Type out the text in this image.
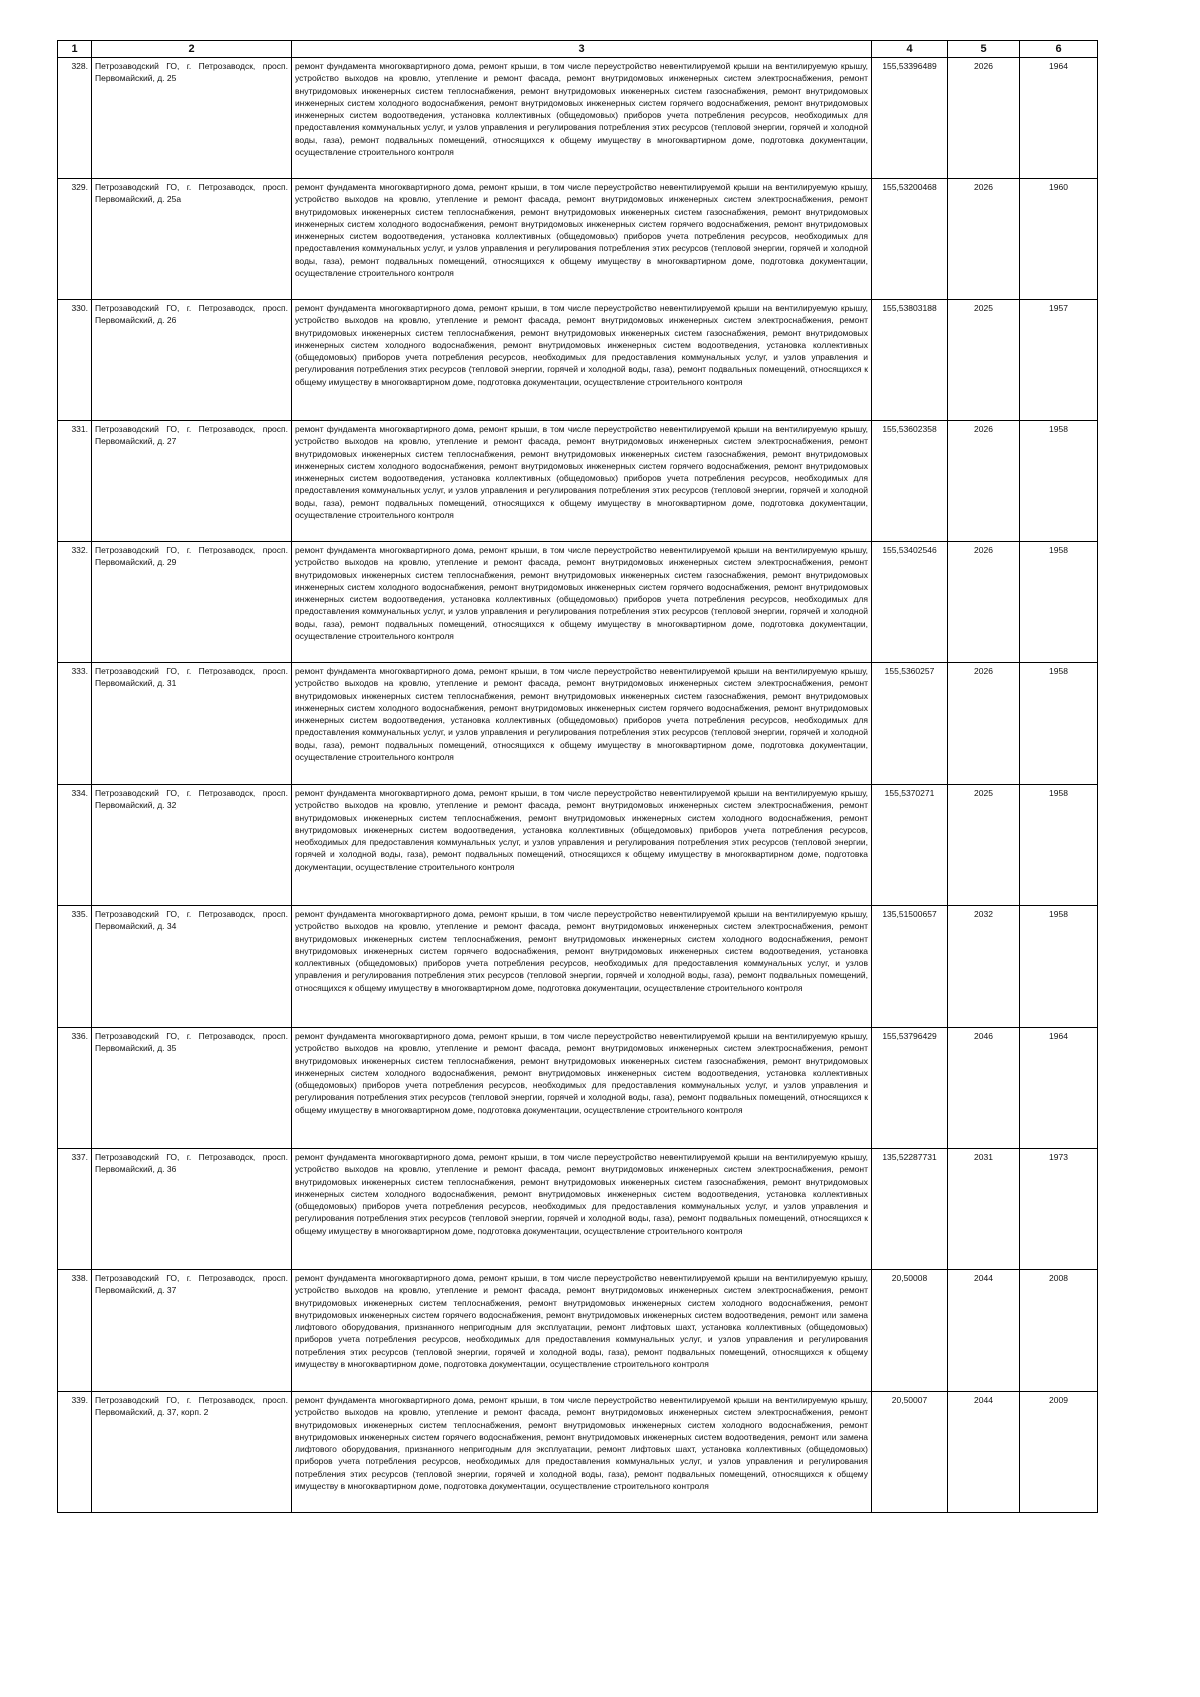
1	2	3	4	5	6
328.	Петрозаводский ГО, г. Петрозаводск, просп. Первомайский, д. 25	ремонт фундамента многоквартирного дома, ремонт крыши, в том числе переустройство невентилируемой крыши на вентилируемую крышу, устройство выходов на кровлю, утепление и ремонт фасада, ремонт внутридомовых инженерных систем электроснабжения, ремонт внутридомовых инженерных систем теплоснабжения, ремонт внутридомовых инженерных систем газоснабжения, ремонт внутридомовых инженерных систем холодного водоснабжения, ремонт внутридомовых инженерных систем горячего водоснабжения, ремонт внутридомовых инженерных систем водоотведения, установка коллективных (общедомовых) приборов учета потребления ресурсов, необходимых для предоставления коммунальных услуг, и узлов управления и регулирования потребления этих ресурсов (тепловой энергии, горячей и холодной воды, газа), ремонт подвальных помещений, относящихся к общему имуществу в многоквартирном доме, подготовка документации, осуществление строительного контроля	155,53396489	2026	1964
329.	Петрозаводский ГО, г. Петрозаводск, просп. Первомайский, д. 25а	ремонт фундамента многоквартирного дома, ремонт крыши, в том числе переустройство невентилируемой крыши на вентилируемую крышу, устройство выходов на кровлю, утепление и ремонт фасада, ремонт внутридомовых инженерных систем электроснабжения, ремонт внутридомовых инженерных систем теплоснабжения, ремонт внутридомовых инженерных систем газоснабжения, ремонт внутридомовых инженерных систем холодного водоснабжения, ремонт внутридомовых инженерных систем горячего водоснабжения, ремонт внутридомовых инженерных систем водоотведения, установка коллективных (общедомовых) приборов учета потребления ресурсов, необходимых для предоставления коммунальных услуг, и узлов управления и регулирования потребления этих ресурсов (тепловой энергии, горячей и холодной воды, газа), ремонт подвальных помещений, относящихся к общему имуществу в многоквартирном доме, подготовка документации, осуществление строительного контроля	155,53200468	2026	1960
330.	Петрозаводский ГО, г. Петрозаводск, просп. Первомайский, д. 26	ремонт фундамента многоквартирного дома, ремонт крыши, в том числе переустройство невентилируемой крыши на вентилируемую крышу, устройство выходов на кровлю, утепление и ремонт фасада, ремонт внутридомовых инженерных систем электроснабжения, ремонт внутридомовых инженерных систем теплоснабжения, ремонт внутридомовых инженерных систем газоснабжения, ремонт внутридомовых инженерных систем холодного водоснабжения, ремонт внутридомовых инженерных систем водоотведения, установка коллективных (общедомовых) приборов учета потребления ресурсов, необходимых для предоставления коммунальных услуг, и узлов управления и регулирования потребления этих ресурсов (тепловой энергии, горячей и холодной воды, газа), ремонт подвальных помещений, относящихся к общему имуществу в многоквартирном доме, подготовка документации, осуществление строительного контроля	155,53803188	2025	1957
331.	Петрозаводский ГО, г. Петрозаводск, просп. Первомайский, д. 27	ремонт фундамента многоквартирного дома, ремонт крыши, в том числе переустройство невентилируемой крыши на вентилируемую крышу, устройство выходов на кровлю, утепление и ремонт фасада, ремонт внутридомовых инженерных систем электроснабжения, ремонт внутридомовых инженерных систем теплоснабжения, ремонт внутридомовых инженерных систем газоснабжения, ремонт внутридомовых инженерных систем холодного водоснабжения, ремонт внутридомовых инженерных систем горячего водоснабжения, ремонт внутридомовых инженерных систем водоотведения, установка коллективных (общедомовых) приборов учета потребления ресурсов, необходимых для предоставления коммунальных услуг, и узлов управления и регулирования потребления этих ресурсов (тепловой энергии, горячей и холодной воды, газа), ремонт подвальных помещений, относящихся к общему имуществу в многоквартирном доме, подготовка документации, осуществление строительного контроля	155,53602358	2026	1958
332.	Петрозаводский ГО, г. Петрозаводск, просп. Первомайский, д. 29	ремонт фундамента многоквартирного дома, ремонт крыши, в том числе переустройство невентилируемой крыши на вентилируемую крышу, устройство выходов на кровлю, утепление и ремонт фасада, ремонт внутридомовых инженерных систем электроснабжения, ремонт внутридомовых инженерных систем теплоснабжения, ремонт внутридомовых инженерных систем газоснабжения, ремонт внутридомовых инженерных систем холодного водоснабжения, ремонт внутридомовых инженерных систем горячего водоснабжения, ремонт внутридомовых инженерных систем водоотведения, установка коллективных (общедомовых) приборов учета потребления ресурсов, необходимых для предоставления коммунальных услуг, и узлов управления и регулирования потребления этих ресурсов (тепловой энергии, горячей и холодной воды, газа), ремонт подвальных помещений, относящихся к общему имуществу в многоквартирном доме, подготовка документации, осуществление строительного контроля	155,53402546	2026	1958
333.	Петрозаводский ГО, г. Петрозаводск, просп. Первомайский, д. 31	ремонт фундамента многоквартирного дома, ремонт крыши, в том числе переустройство невентилируемой крыши на вентилируемую крышу, устройство выходов на кровлю, утепление и ремонт фасада, ремонт внутридомовых инженерных систем электроснабжения, ремонт внутридомовых инженерных систем теплоснабжения, ремонт внутридомовых инженерных систем газоснабжения, ремонт внутридомовых инженерных систем холодного водоснабжения, ремонт внутридомовых инженерных систем горячего водоснабжения, ремонт внутридомовых инженерных систем водоотведения, установка коллективных (общедомовых) приборов учета потребления ресурсов, необходимых для предоставления коммунальных услуг, и узлов управления и регулирования потребления этих ресурсов (тепловой энергии, горячей и холодной воды, газа), ремонт подвальных помещений, относящихся к общему имуществу в многоквартирном доме, подготовка документации, осуществление строительного контроля	155,5360257	2026	1958
334.	Петрозаводский ГО, г. Петрозаводск, просп. Первомайский, д. 32	ремонт фундамента многоквартирного дома, ремонт крыши, в том числе переустройство невентилируемой крыши на вентилируемую крышу, устройство выходов на кровлю, утепление и ремонт фасада, ремонт внутридомовых инженерных систем электроснабжения, ремонт внутридомовых инженерных систем теплоснабжения, ремонт внутридомовых инженерных систем холодного водоснабжения, ремонт внутридомовых инженерных систем водоотведения, установка коллективных (общедомовых) приборов учета потребления ресурсов, необходимых для предоставления коммунальных услуг, и узлов управления и регулирования потребления этих ресурсов (тепловой энергии, горячей и холодной воды, газа), ремонт подвальных помещений, относящихся к общему имуществу в многоквартирном доме, подготовка документации, осуществление строительного контроля	155,5370271	2025	1958
335.	Петрозаводский ГО, г. Петрозаводск, просп. Первомайский, д. 34	ремонт фундамента многоквартирного дома, ремонт крыши, в том числе переустройство невентилируемой крыши на вентилируемую крышу, устройство выходов на кровлю, утепление и ремонт фасада, ремонт внутридомовых инженерных систем электроснабжения, ремонт внутридомовых инженерных систем теплоснабжения, ремонт внутридомовых инженерных систем холодного водоснабжения, ремонт внутридомовых инженерных систем горячего водоснабжения, ремонт внутридомовых инженерных систем водоотведения, установка коллективных (общедомовых) приборов учета потребления ресурсов, необходимых для предоставления коммунальных услуг, и узлов управления и регулирования потребления этих ресурсов (тепловой энергии, горячей и холодной воды, газа), ремонт подвальных помещений, относящихся к общему имуществу в многоквартирном доме, подготовка документации, осуществление строительного контроля	135,51500657	2032	1958
336.	Петрозаводский ГО, г. Петрозаводск, просп. Первомайский, д. 35	ремонт фундамента многоквартирного дома, ремонт крыши, в том числе переустройство невентилируемой крыши на вентилируемую крышу, устройство выходов на кровлю, утепление и ремонт фасада, ремонт внутридомовых инженерных систем электроснабжения, ремонт внутридомовых инженерных систем теплоснабжения, ремонт внутридомовых инженерных систем газоснабжения, ремонт внутридомовых инженерных систем холодного водоснабжения, ремонт внутридомовых инженерных систем водоотведения, установка коллективных (общедомовых) приборов учета потребления ресурсов, необходимых для предоставления коммунальных услуг, и узлов управления и регулирования потребления этих ресурсов (тепловой энергии, горячей и холодной воды, газа), ремонт подвальных помещений, относящихся к общему имуществу в многоквартирном доме, подготовка документации, осуществление строительного контроля	155,53796429	2046	1964
337.	Петрозаводский ГО, г. Петрозаводск, просп. Первомайский, д. 36	ремонт фундамента многоквартирного дома, ремонт крыши, в том числе переустройство невентилируемой крыши на вентилируемую крышу, устройство выходов на кровлю, утепление и ремонт фасада, ремонт внутридомовых инженерных систем электроснабжения, ремонт внутридомовых инженерных систем теплоснабжения, ремонт внутридомовых инженерных систем газоснабжения, ремонт внутридомовых инженерных систем холодного водоснабжения, ремонт внутридомовых инженерных систем водоотведения, установка коллективных (общедомовых) приборов учета потребления ресурсов, необходимых для предоставления коммунальных услуг, и узлов управления и регулирования потребления этих ресурсов (тепловой энергии, горячей и холодной воды, газа), ремонт подвальных помещений, относящихся к общему имуществу в многоквартирном доме, подготовка документации, осуществление строительного контроля	135,52287731	2031	1973
338.	Петрозаводский ГО, г. Петрозаводск, просп. Первомайский, д. 37	ремонт фундамента многоквартирного дома, ремонт крыши, в том числе переустройство невентилируемой крыши на вентилируемую крышу, устройство выходов на кровлю, утепление и ремонт фасада, ремонт внутридомовых инженерных систем электроснабжения, ремонт внутридомовых инженерных систем теплоснабжения, ремонт внутридомовых инженерных систем холодного водоснабжения, ремонт внутридомовых инженерных систем горячего водоснабжения, ремонт внутридомовых инженерных систем водоотведения, ремонт или замена лифтового оборудования, признанного непригодным для эксплуатации, ремонт лифтовых шахт, установка коллективных (общедомовых) приборов учета потребления ресурсов, необходимых для предоставления коммунальных услуг, и узлов управления и регулирования потребления этих ресурсов (тепловой энергии, горячей и холодной воды, газа), ремонт подвальных помещений, относящихся к общему имуществу в многоквартирном доме, подготовка документации, осуществление строительного контроля	20,50008	2044	2008
339.	Петрозаводский ГО, г. Петрозаводск, просп. Первомайский, д. 37, корп. 2	ремонт фундамента многоквартирного дома, ремонт крыши, в том числе переустройство невентилируемой крыши на вентилируемую крышу, устройство выходов на кровлю, утепление и ремонт фасада, ремонт внутридомовых инженерных систем электроснабжения, ремонт внутридомовых инженерных систем теплоснабжения, ремонт внутридомовых инженерных систем холодного водоснабжения, ремонт внутридомовых инженерных систем горячего водоснабжения, ремонт внутридомовых инженерных систем водоотведения, ремонт или замена лифтового оборудования, признанного непригодным для эксплуатации, ремонт лифтовых шахт, установка коллективных (общедомовых) приборов учета потребления ресурсов, необходимых для предоставления коммунальных услуг, и узлов управления и регулирования потребления этих ресурсов (тепловой энергии, горячей и холодной воды, газа), ремонт подвальных помещений, относящихся к общему имуществу в многоквартирном доме, подготовка документации, осуществление строительного контроля	20,50007	2044	2009
